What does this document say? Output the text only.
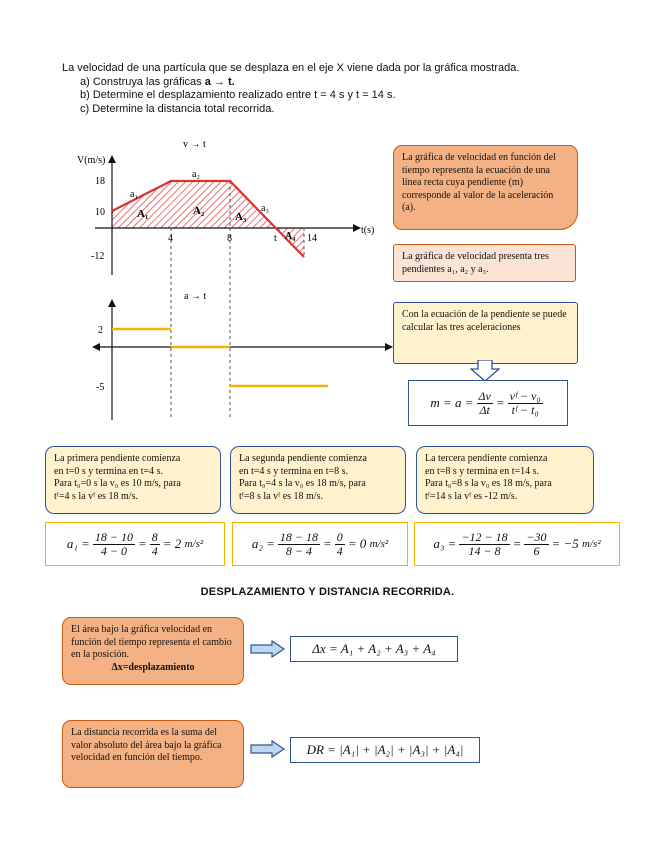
La velocidad de una partícula que se desplaza en el eje X viene dada por la gráfica mostrada.
a) Construya las gráficas a → t.
b) Determine el desplazamiento realizado entre t = 4 s y t = 14 s.
c) Determine la distancia total recorrida.
v → t
V(m/s)
18
10
-12
4	8	t	14
t(s)
a₁
a₂
a₃
A₁	A₂	A₃
A₄
a → t
2
-5
La gráfica de velocidad en función del tiempo representa la ecuación de una línea recta cuya pendiente (m) corresponde al valor de la aceleración (a).
La gráfica de velocidad presenta tres pendientes a₁, a₂ y a₃.
Con la ecuación de la pendiente se puede calcular las tres aceleraciones
$m = a = \frac{\Delta v}{\Delta t} = \frac{\text{vᶠ − v₀}}{\text{tᶠ − t₀}}$
La primera pendiente comienza
en t=0 s y termina en t=4 s.
Para t₀=0 s la v₀ es 10 m/s, para
tᶠ=4 s la vᶠ es 18 m/s.
La segunda pendiente comienza
en t=4 s y termina en t=8 s.
Para t₀=4 s la v₀ es 18 m/s, para
tᶠ=8 s la vᶠ es 18 m/s.
La tercera pendiente comienza
en t=8 s y termina en t=14 s.
Para t₀=8 s la v₀ es 18 m/s, para
tᶠ=14 s la vᶠ es -12 m/s.
$a_1 = \frac{18 - 10}{4 - 0} = \frac{8}{4} = 2$
m/s²	$a_2 = \frac{18 - 18}{8 - 4} = \frac{0}{4} = 0$
m/s²	$a_3 = \frac{-12 - 18}{14 - 8} = \frac{-30}{6} = -5$
m/s²
DESPLAZAMIENTO Y DISTANCIA RECORRIDA.
El área bajo la gráfica velocidad en función del tiempo representa el cambio en la posición.
Δx=desplazamiento
Δx = A₁ + A₂ + A₃ + A₄
La distancia recorrida es la suma del valor absoluto del área bajo la gráfica velocidad en función del tiempo.
DR = |A₁| + |A₂| + |A₃| + |A₄|
